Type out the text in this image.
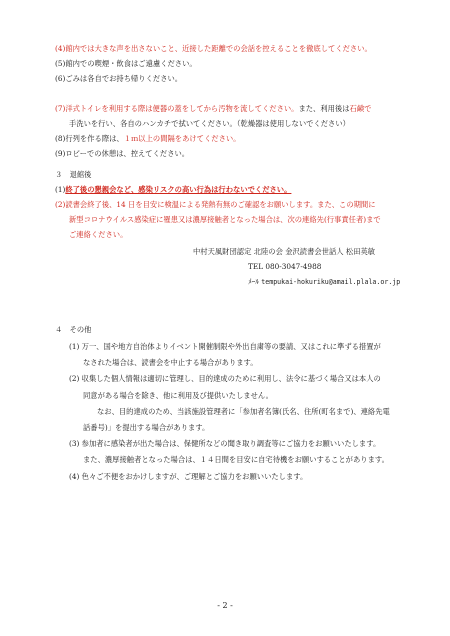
(4)館内では大きな声を出さないこと、近接した距離での会話を控えることを徹底してください。
(5)館内での喫煙・飲食はご遠慮ください。
(6)ごみは各自でお持ち帰りください。
(7)洋式トイレを利用する際は便器の蓋をしてから汚物を流してください。また、利用後は石鹸で
手洗いを行い、各自のハンカチで拭いてください。（乾燥器は使用しないでください）
(8)行列を作る際は、１ｍ以上の間隔をあけてください。
(9)ロビーでの休憩は、控えてください。
３　退館後
(1)終了後の懇親会など、感染リスクの高い行為は行わないでください。
(2)読書会終了後、14 日を目安に検温による発熱有無のご確認をお願いします。また、この期間に
新型コロナウイルス感染症に罹患又は濃厚接触者となった場合は、次の連絡先(行事責任者)まで
ご連絡ください。
中村天風財団認定 北陸の会 金沢読書会世話人 松田英敏
TEL 080-3047-4988
ﾒｰﾙ tempukai-hokuriku@amail.plala.or.jp
４　その他
(1) 万一、国や地方自治体よりイベント開催制限や外出自粛等の要請、又はこれに準ずる措置が
なされた場合は、読書会を中止する場合があります。
(2) 収集した個人情報は適切に管理し、目的達成のために利用し、法令に基づく場合又は本人の
同意がある場合を除き、他に利用及び提供いたしません。
なお、目的達成のため、当該施設管理者に「参加者名簿(氏名、住所(町名まで)、連絡先電
話番号)」を提出する場合があります。
(3) 参加者に感染者が出た場合は、保健所などの聞き取り調査等にご協力をお願いいたします。
また、濃厚接触者となった場合は、１４日間を目安に自宅待機をお願いすることがあります。
(4) 色々ご不便をおかけしますが、ご理解とご協力をお願いいたします。
- 2 -
